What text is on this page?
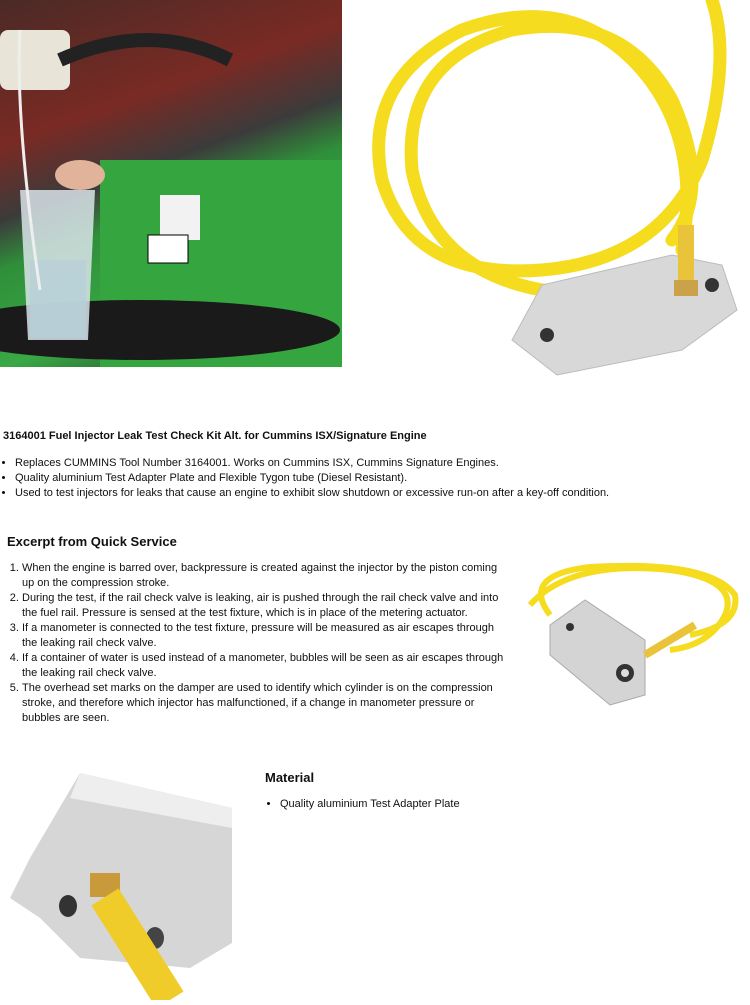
3164001 Fuel Injector Leak Test Check Kit Alt. for Cummins ISX/Signature Engine
• Replaces CUMMINS Tool Number 3164001. Works on Cummins ISX, Cummins Signature Engines.
• Quality aluminium Test Adapter Plate and Flexible Tygon tube (Diesel Resistant).
• Used to test injectors for leaks that cause an engine to exhibit slow shutdown or excessive run-on after a key-off condition.
Excerpt from Quick Service
1. When the engine is barred over, backpressure is created against the injector by the piston coming up on the compression stroke.
2. During the test, if the rail check valve is leaking, air is pushed through the rail check valve and into the fuel rail. Pressure is sensed at the test fixture, which is in place of the metering actuator.
3. If a manometer is connected to the test fixture, pressure will be measured as air escapes through the leaking rail check valve.
4. If a container of water is used instead of a manometer, bubbles will be seen as air escapes through the leaking rail check valve.
5. The overhead set marks on the damper are used to identify which cylinder is on the compression stroke, and therefore which injector has malfunctioned, if a change in manometer pressure or bubbles are seen.
Material
• Quality aluminium Test Adapter Plate
